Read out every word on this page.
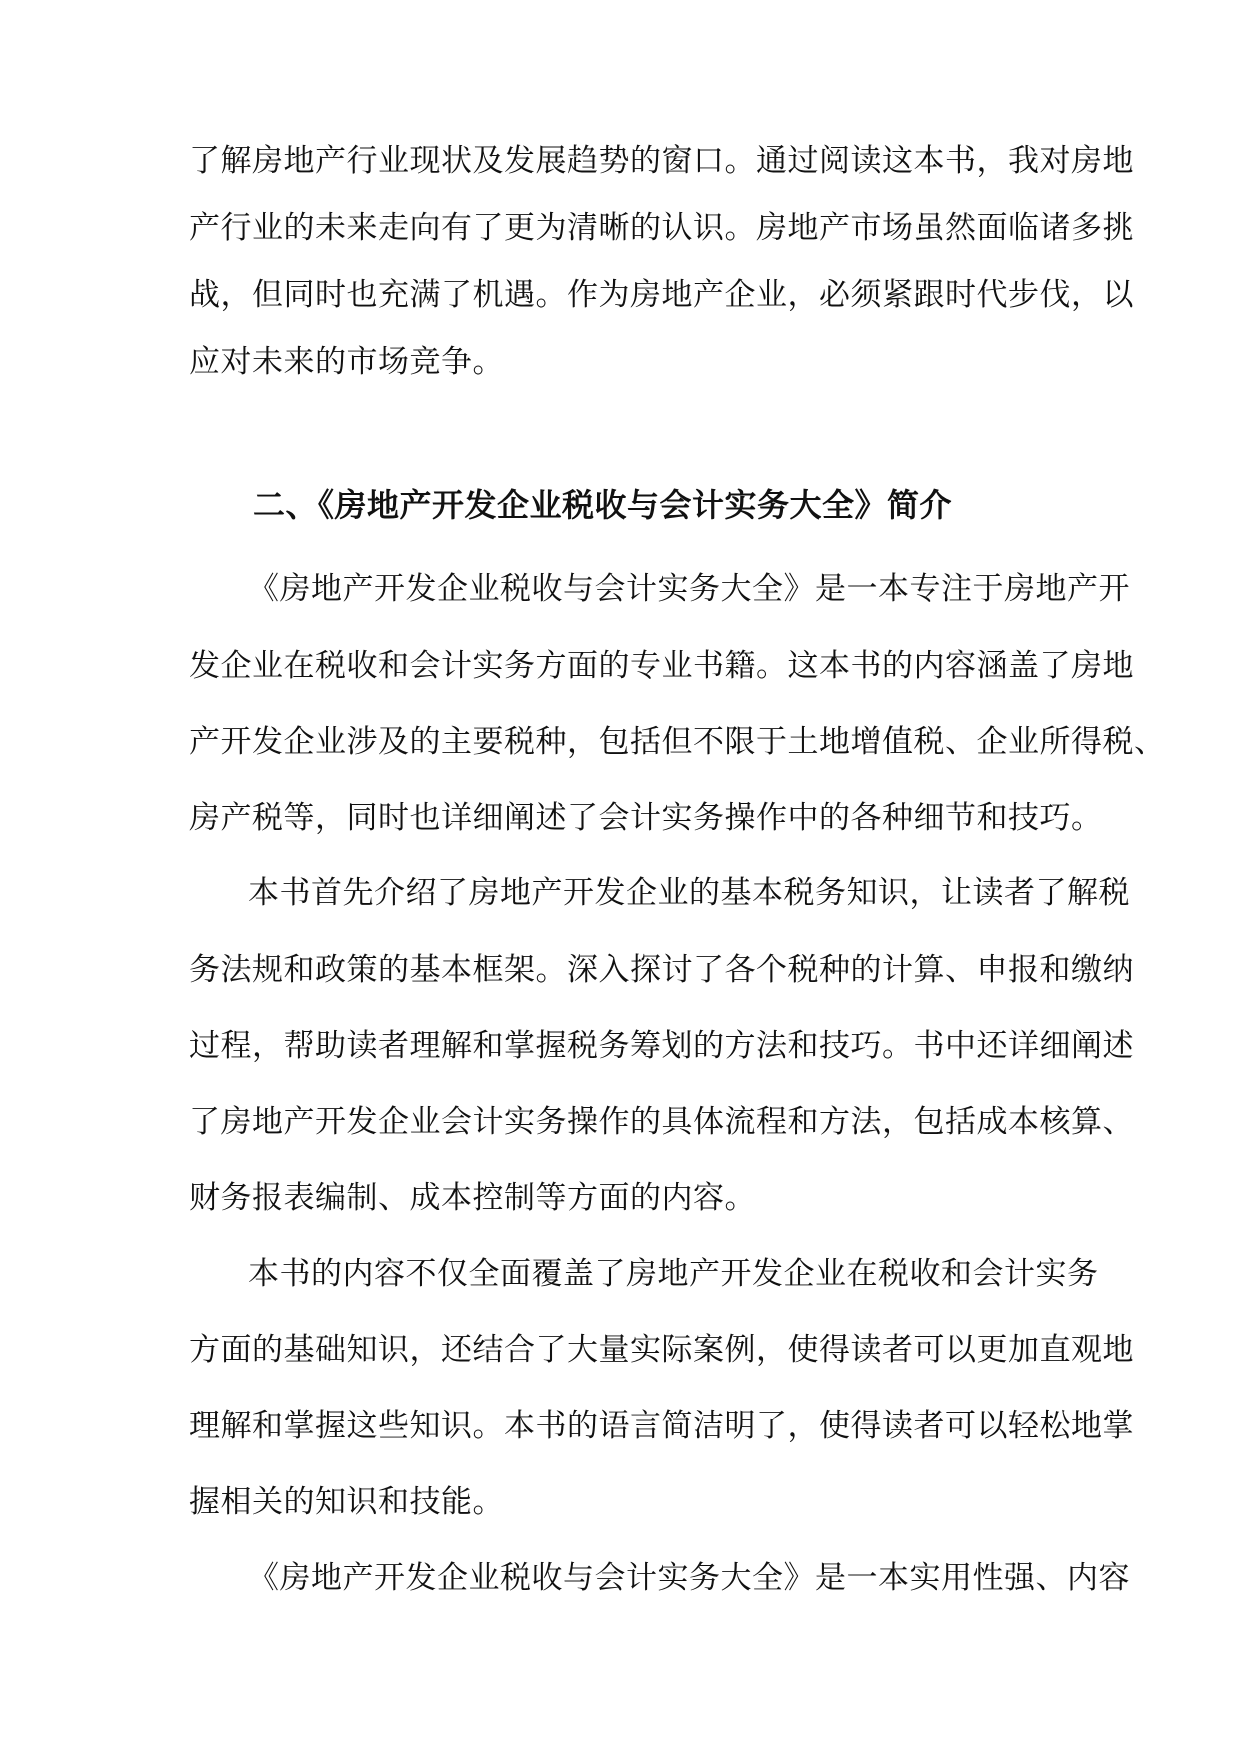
了解房地产行业现状及发展趋势的窗口。通过阅读这本书，我对房地
产行业的未来走向有了更为清晰的认识。房地产市场虽然面临诸多挑
战，但同时也充满了机遇。作为房地产企业，必须紧跟时代步伐，以
应对未来的市场竞争。
二、《房地产开发企业税收与会计实务大全》简介
《房地产开发企业税收与会计实务大全》是一本专注于房地产开
发企业在税收和会计实务方面的专业书籍。这本书的内容涵盖了房地
产开发企业涉及的主要税种，包括但不限于土地增值税、企业所得税、
房产税等，同时也详细阐述了会计实务操作中的各种细节和技巧。
本书首先介绍了房地产开发企业的基本税务知识，让读者了解税
务法规和政策的基本框架。深入探讨了各个税种的计算、申报和缴纳
过程，帮助读者理解和掌握税务筹划的方法和技巧。书中还详细阐述
了房地产开发企业会计实务操作的具体流程和方法，包括成本核算、
财务报表编制、成本控制等方面的内容。
本书的内容不仅全面覆盖了房地产开发企业在税收和会计实务
方面的基础知识，还结合了大量实际案例，使得读者可以更加直观地
理解和掌握这些知识。本书的语言简洁明了，使得读者可以轻松地掌
握相关的知识和技能。
《房地产开发企业税收与会计实务大全》是一本实用性强、内容
